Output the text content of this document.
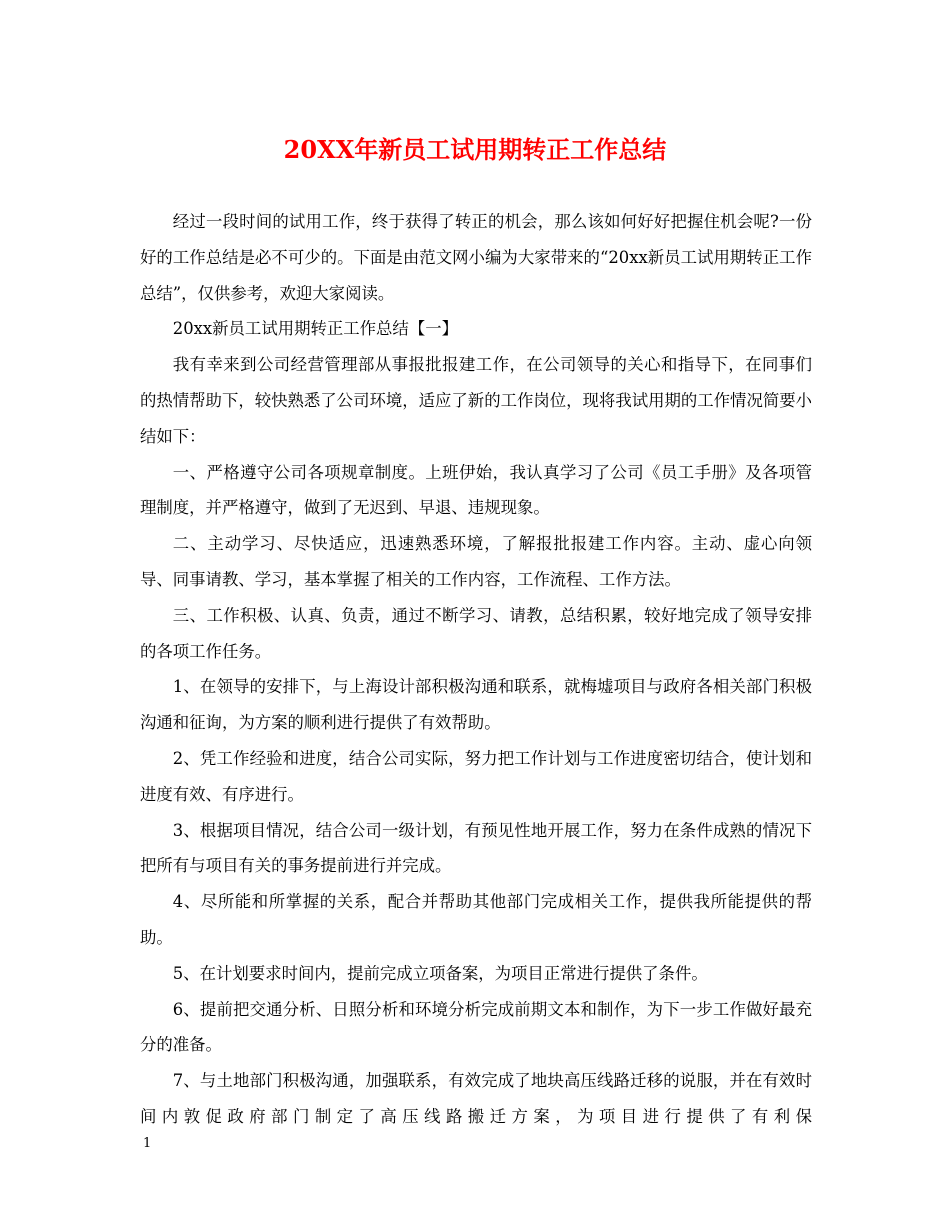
20XX年新员工试用期转正工作总结

经过一段时间的试用工作，终于获得了转正的机会，那么该如何好好把握住机会呢?一份好的工作总结是必不可少的。下面是由范文网小编为大家带来的“20xx新员工试用期转正工作总结”，仅供参考，欢迎大家阅读。

20xx新员工试用期转正工作总结【一】

我有幸来到公司经营管理部从事报批报建工作，在公司领导的关心和指导下，在同事们的热情帮助下，较快熟悉了公司环境，适应了新的工作岗位，现将我试用期的工作情况简要小结如下：

一、严格遵守公司各项规章制度。上班伊始，我认真学习了公司《员工手册》及各项管理制度，并严格遵守，做到了无迟到、早退、违规现象。

二、主动学习、尽快适应，迅速熟悉环境，了解报批报建工作内容。主动、虚心向领导、同事请教、学习，基本掌握了相关的工作内容，工作流程、工作方法。

三、工作积极、认真、负责，通过不断学习、请教，总结积累，较好地完成了领导安排的各项工作任务。

1、在领导的安排下，与上海设计部积极沟通和联系，就梅墟项目与政府各相关部门积极沟通和征询，为方案的顺利进行提供了有效帮助。

2、凭工作经验和进度，结合公司实际，努力把工作计划与工作进度密切结合，使计划和进度有效、有序进行。

3、根据项目情况，结合公司一级计划，有预见性地开展工作，努力在条件成熟的情况下把所有与项目有关的事务提前进行并完成。

4、尽所能和所掌握的关系，配合并帮助其他部门完成相关工作，提供我所能提供的帮助。

5、在计划要求时间内，提前完成立项备案，为项目正常进行提供了条件。

6、提前把交通分析、日照分析和环境分析完成前期文本和制作，为下一步工作做好最充分的准备。

7、与土地部门积极沟通，加强联系，有效完成了地块高压线路迁移的说服，并在有效时间内敦促政府部门制定了高压线路搬迁方案，为项目进行提供了有利保

1
